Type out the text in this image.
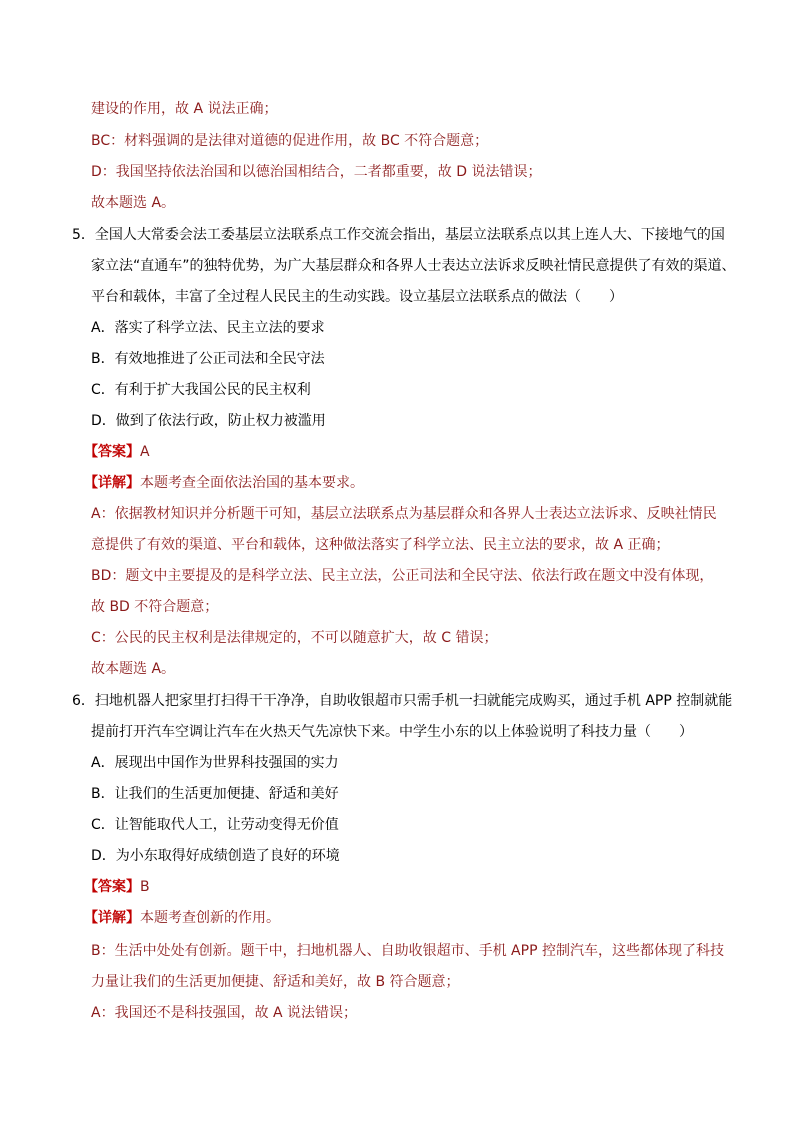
建设的作用，故 A 说法正确；
BC：材料强调的是法律对道德的促进作用，故 BC 不符合题意；
D：我国坚持依法治国和以德治国相结合，二者都重要，故 D 说法错误；
故本题选 A。
5．全国人大常委会法工委基层立法联系点工作交流会指出，基层立法联系点以其上连人大、下接地气的国
家立法“直通车”的独特优势，为广大基层群众和各界人士表达立法诉求反映社情民意提供了有效的渠道、
平台和载体，丰富了全过程人民民主的生动实践。设立基层立法联系点的做法（　　）
A．落实了科学立法、民主立法的要求
B．有效地推进了公正司法和全民守法
C．有利于扩大我国公民的民主权利
D．做到了依法行政，防止权力被滥用
【答案】A
【详解】本题考查全面依法治国的基本要求。
A：依据教材知识并分析题干可知，基层立法联系点为基层群众和各界人士表达立法诉求、反映社情民
意提供了有效的渠道、平台和载体，这种做法落实了科学立法、民主立法的要求，故 A 正确；
BD：题文中主要提及的是科学立法、民主立法，公正司法和全民守法、依法行政在题文中没有体现，
故 BD 不符合题意；
C：公民的民主权利是法律规定的，不可以随意扩大，故 C 错误；
故本题选 A。
6．扫地机器人把家里打扫得干干净净，自助收银超市只需手机一扫就能完成购买，通过手机 APP 控制就能
提前打开汽车空调让汽车在火热天气先凉快下来。中学生小东的以上体验说明了科技力量（　　）
A．展现出中国作为世界科技强国的实力
B．让我们的生活更加便捷、舒适和美好
C．让智能取代人工，让劳动变得无价值
D．为小东取得好成绩创造了良好的环境
【答案】B
【详解】本题考查创新的作用。
B：生活中处处有创新。题干中，扫地机器人、自助收银超市、手机 APP 控制汽车，这些都体现了科技
力量让我们的生活更加便捷、舒适和美好，故 B 符合题意；
A：我国还不是科技强国，故 A 说法错误；
